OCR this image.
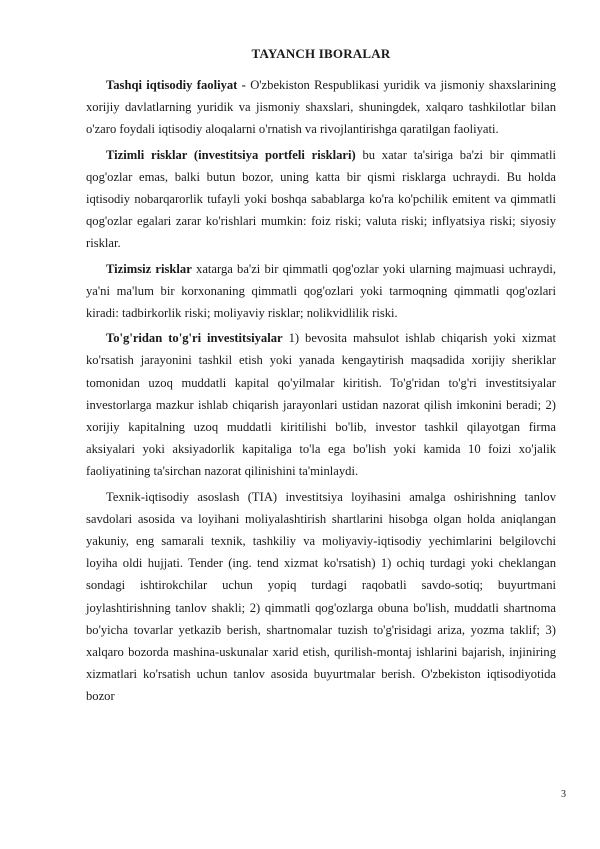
TAYANCH IBORALAR

Tashqi iqtisodiy faoliyat - O'zbekiston Respublikasi yuridik va jismoniy shaxslarining xorijiy davlatlarning yuridik va jismoniy shaxslari, shuningdek, xalqaro tashkilotlar bilan o'zaro foydali iqtisodiy aloqalarni o'rnatish va rivojlantirishga qaratilgan faoliyati.

Tizimli risklar (investitsiya portfeli risklari) bu xatar ta'siriga ba'zi bir qimmatli qog'ozlar emas, balki butun bozor, uning katta bir qismi risklarga uchraydi. Bu holda iqtisodiy nobarqarorlik tufayli yoki boshqa sabablarga ko'ra ko'pchilik emitent va qimmatli qog'ozlar egalari zarar ko'rishlari mumkin: foiz riski; valuta riski; inflyatsiya riski; siyosiy risklar.

Tizimsiz risklar xatarga ba'zi bir qimmatli qog'ozlar yoki ularning majmuasi uchraydi, ya'ni ma'lum bir korxonaning qimmatli qog'ozlari yoki tarmoqning qimmatli qog'ozlari kiradi: tadbirkorlik riski; moliyaviy risklar; nolikvidlilik riski.

To'g'ridan to'g'ri investitsiyalar 1) bevosita mahsulot ishlab chiqarish yoki xizmat ko'rsatish jarayonini tashkil etish yoki yanada kengaytirish maqsadida xorijiy sheriklar tomonidan uzoq muddatli kapital qo'yilmalar kiritish. To'g'ridan to'g'ri investitsiyalar investorlarga mazkur ishlab chiqarish jarayonlari ustidan nazorat qilish imkonini beradi; 2) xorijiy kapitalning uzoq muddatli kiritilishi bo'lib, investor tashkil qilayotgan firma aksiyalari yoki aksiyadorlik kapitaliga to'la ega bo'lish yoki kamida 10 foizi xo'jalik faoliyatining ta'sirchan nazorat qilinishini ta'minlaydi.

Texnik-iqtisodiy asoslash (TIA) investitsiya loyihasini amalga oshirishning tanlov savdolari asosida va loyihani moliyalashtirish shartlarini hisobga olgan holda aniqlangan yakuniy, eng samarali texnik, tashkiliy va moliyaviy-iqtisodiy yechimlarini belgilovchi loyiha oldi hujjati. Tender (ing. tend xizmat ko'rsatish) 1) ochiq turdagi yoki cheklangan sondagi ishtirokchilar uchun yopiq turdagi raqobatli savdo-sotiq; buyurtmani joylashtirishning tanlov shakli; 2) qimmatli qog'ozlarga obuna bo'lish, muddatli shartnoma bo'yicha tovarlar yetkazib berish, shartnomalar tuzish to'g'risidagi ariza, yozma taklif; 3) xalqaro bozorda mashina-uskunalar xarid etish, qurilish-montaj ishlarini bajarish, injiniring xizmatlari ko'rsatish uchun tanlov asosida buyurtmalar berish. O'zbekiston iqtisodiyotida bozor

3
